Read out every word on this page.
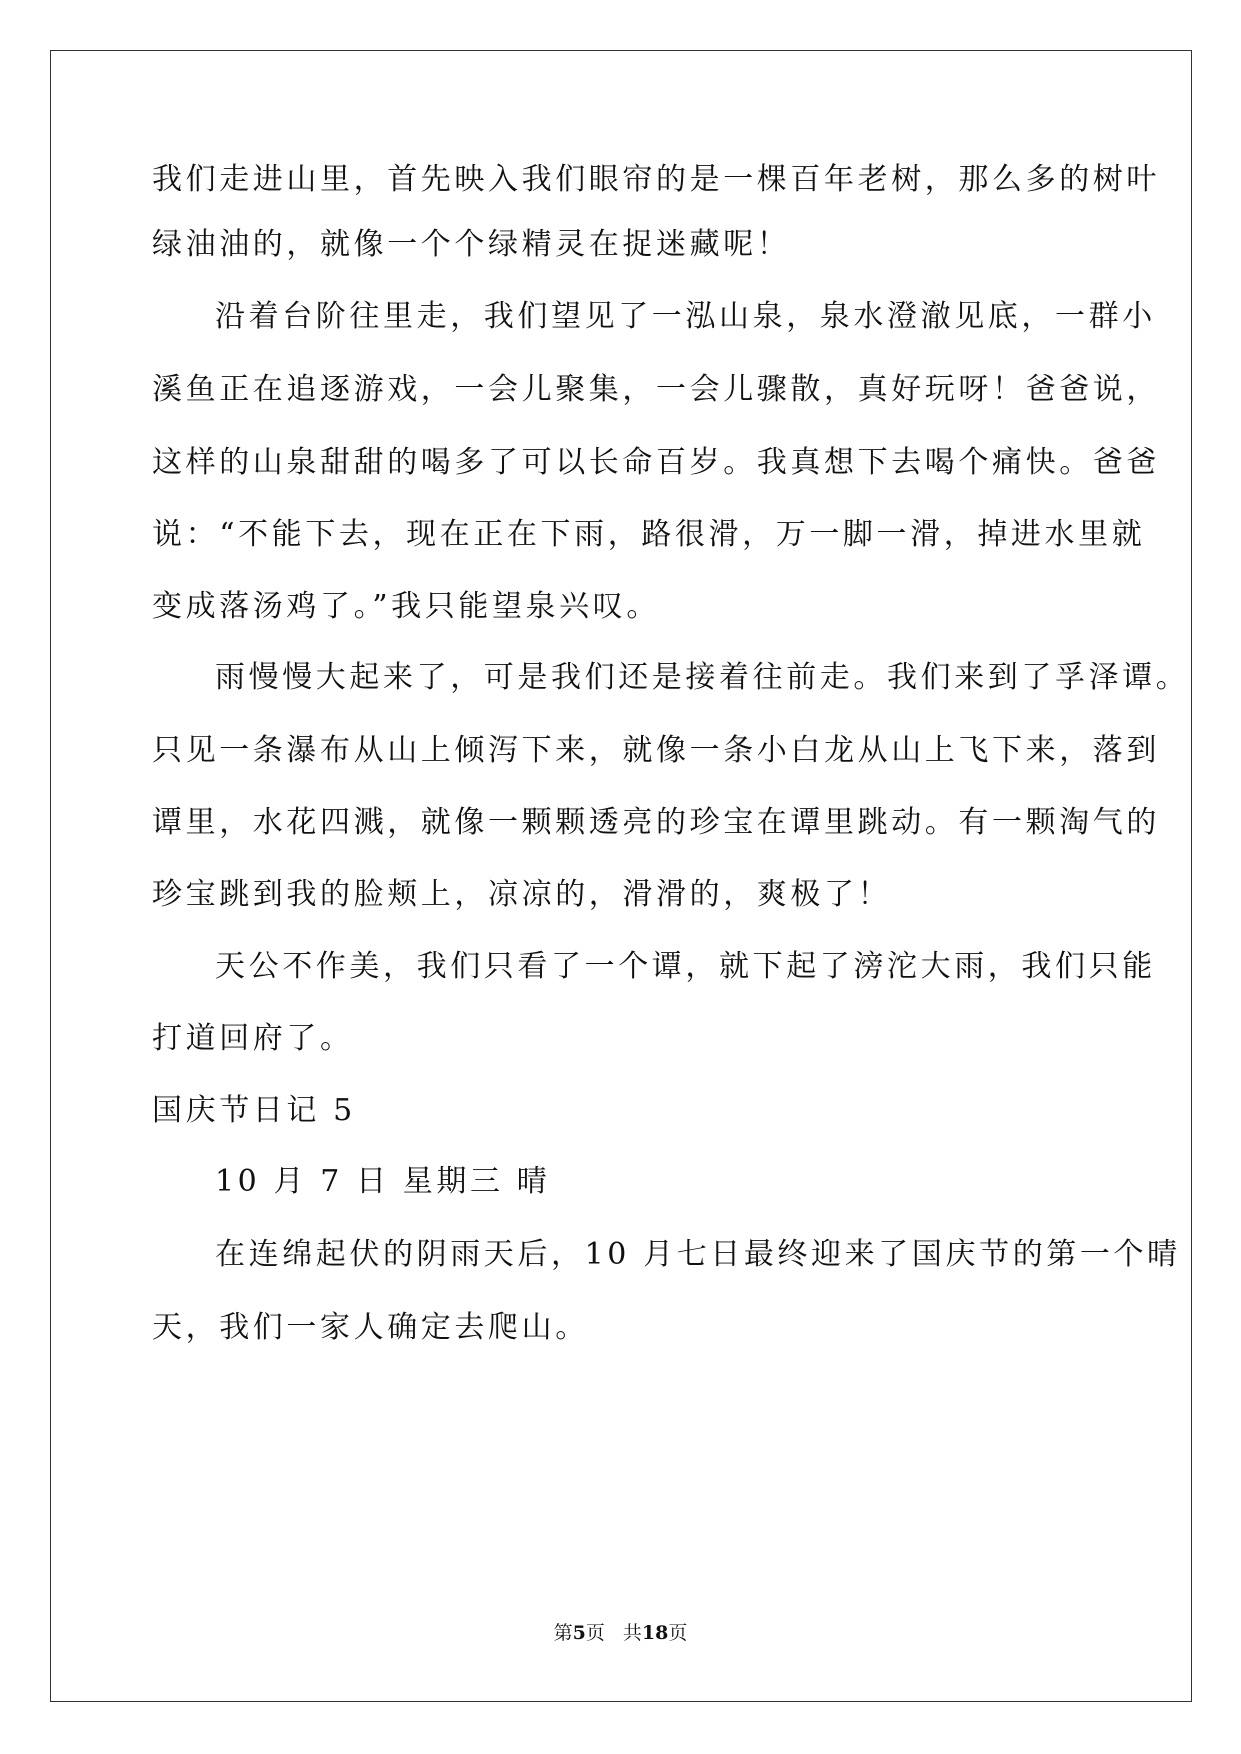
我们走进山里，首先映入我们眼帘的是一棵百年老树，那么多的树叶
绿油油的，就像一个个绿精灵在捉迷藏呢！
沿着台阶往里走，我们望见了一泓山泉，泉水澄澈见底，一群小
溪鱼正在追逐游戏，一会儿聚集，一会儿骤散，真好玩呀！爸爸说，
这样的山泉甜甜的喝多了可以长命百岁。我真想下去喝个痛快。爸爸
说：“不能下去，现在正在下雨，路很滑，万一脚一滑，掉进水里就
变成落汤鸡了。”我只能望泉兴叹。
雨慢慢大起来了，可是我们还是接着往前走。我们来到了孚泽谭。
只见一条瀑布从山上倾泻下来，就像一条小白龙从山上飞下来，落到
谭里，水花四溅，就像一颗颗透亮的珍宝在谭里跳动。有一颗淘气的
珍宝跳到我的脸颊上，凉凉的，滑滑的，爽极了！
天公不作美，我们只看了一个谭，就下起了滂沱大雨，我们只能
打道回府了。
国庆节日记 5
10 月 7 日 星期三 晴
在连绵起伏的阴雨天后，10 月七日最终迎来了国庆节的第一个晴
天，我们一家人确定去爬山。
第5页 共18页
